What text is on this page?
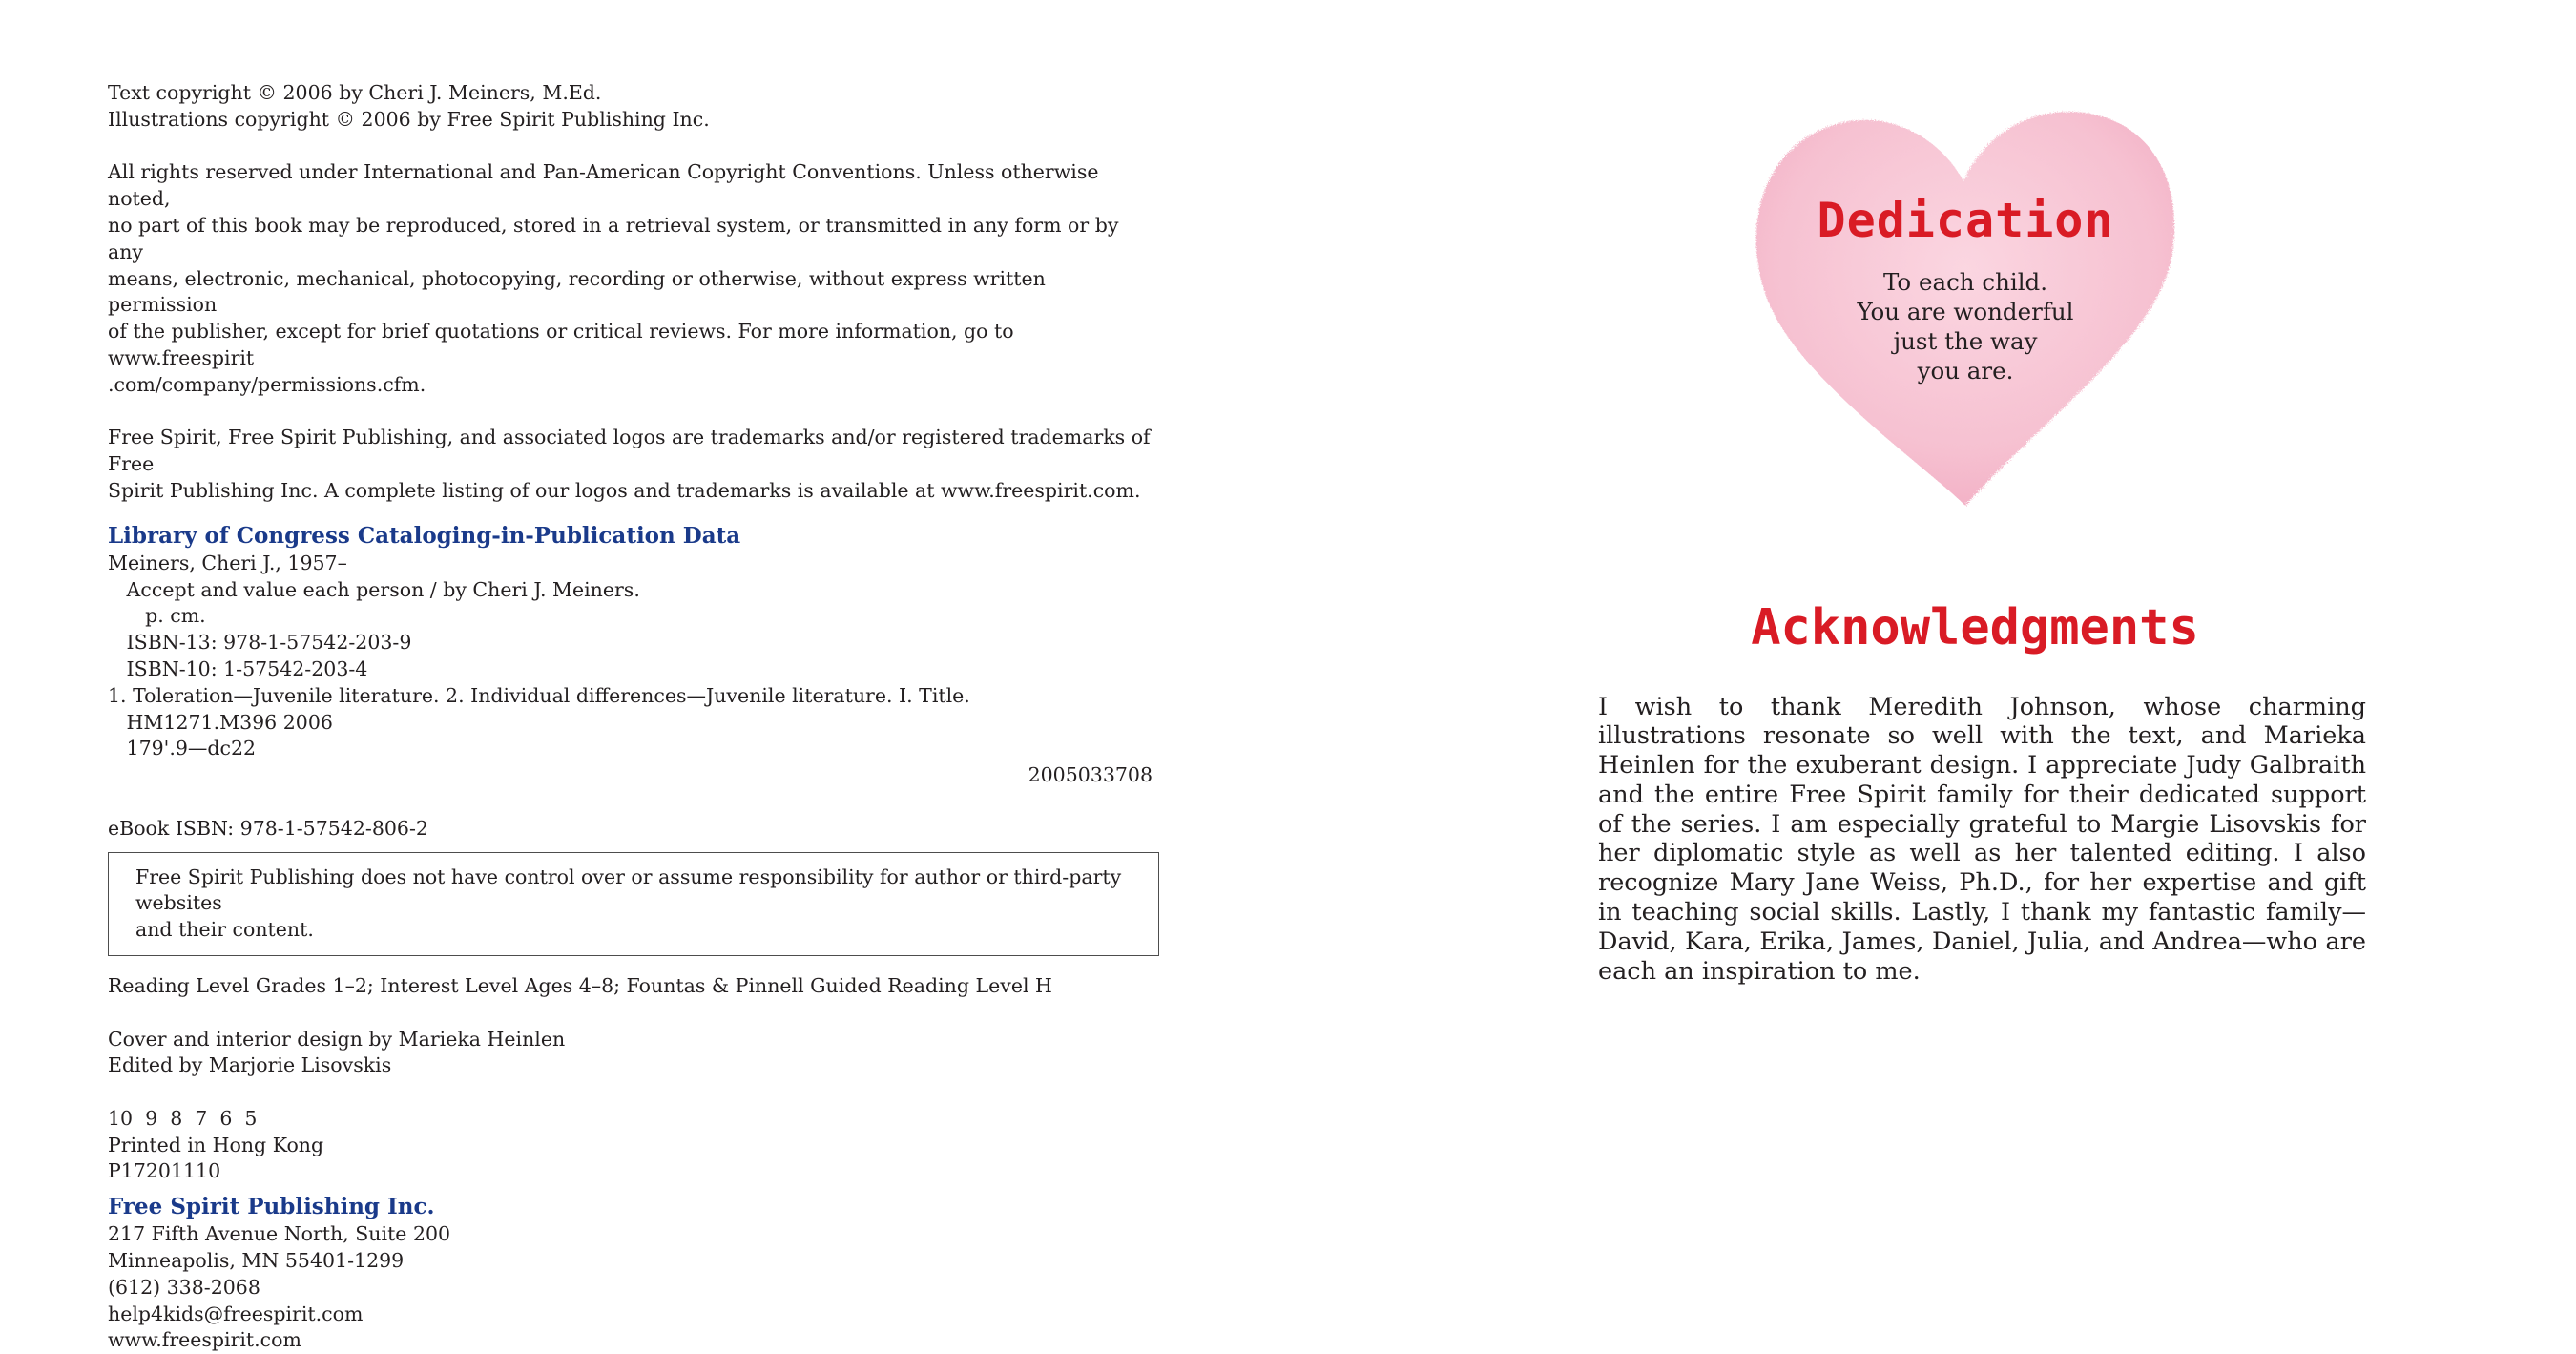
Text copyright © 2006 by Cheri J. Meiners, M.Ed.

Illustrations copyright © 2006 by Free Spirit Publishing Inc.

All rights reserved under International and Pan-American Copyright Conventions. Unless otherwise noted,

no part of this book may be reproduced, stored in a retrieval system, or transmitted in any form or by any

means, electronic, mechanical, photocopying, recording or otherwise, without express written permission

of the publisher, except for brief quotations or critical reviews. For more information, go to www.freespirit

.com/company/permissions.cfm.

Free Spirit, Free Spirit Publishing, and associated logos are trademarks and/or registered trademarks of Free

Spirit Publishing Inc. A complete listing of our logos and trademarks is available at www.freespirit.com.

Library of Congress Cataloging-in-Publication Data

Meiners, Cheri J., 1957–

Accept and value each person / by Cheri J. Meiners.

p. cm.

ISBN-13: 978-1-57542-203-9

ISBN-10: 1-57542-203-4

1. Toleration—Juvenile literature. 2. Individual differences—Juvenile literature. I. Title.

HM1271.M396 2006

179'.9—dc22

2005033708

eBook ISBN: 978-1-57542-806-2

Free Spirit Publishing does not have control over or assume responsibility for author or third-party websites

and their content.

Reading Level Grades 1–2; Interest Level Ages 4–8; Fountas & Pinnell Guided Reading Level H

Cover and interior design by Marieka Heinlen

Edited by Marjorie Lisovskis

10  9  8  7  6  5

Printed in Hong Kong

P17201110

Free Spirit Publishing Inc.

217 Fifth Avenue North, Suite 200

Minneapolis, MN 55401-1299

(612) 338-2068

help4kids@freespirit.com

www.freespirit.com

Dedication
To each child.
You are wonderful
just the way
you are.
Acknowledgments

I wish to thank Meredith Johnson, whose charming illustrations resonate so well with the text, and Marieka Heinlen for the exuberant design. I appreciate Judy Galbraith and the entire Free Spirit family for their dedicated support of the series. I am especially grateful to Margie Lisovskis for her diplomatic style as well as her talented editing. I also recognize Mary Jane Weiss, Ph.D., for her expertise and gift in teaching social skills. Lastly, I thank my fantastic family—David, Kara, Erika, James, Daniel, Julia, and Andrea—who are each an inspiration to me.
